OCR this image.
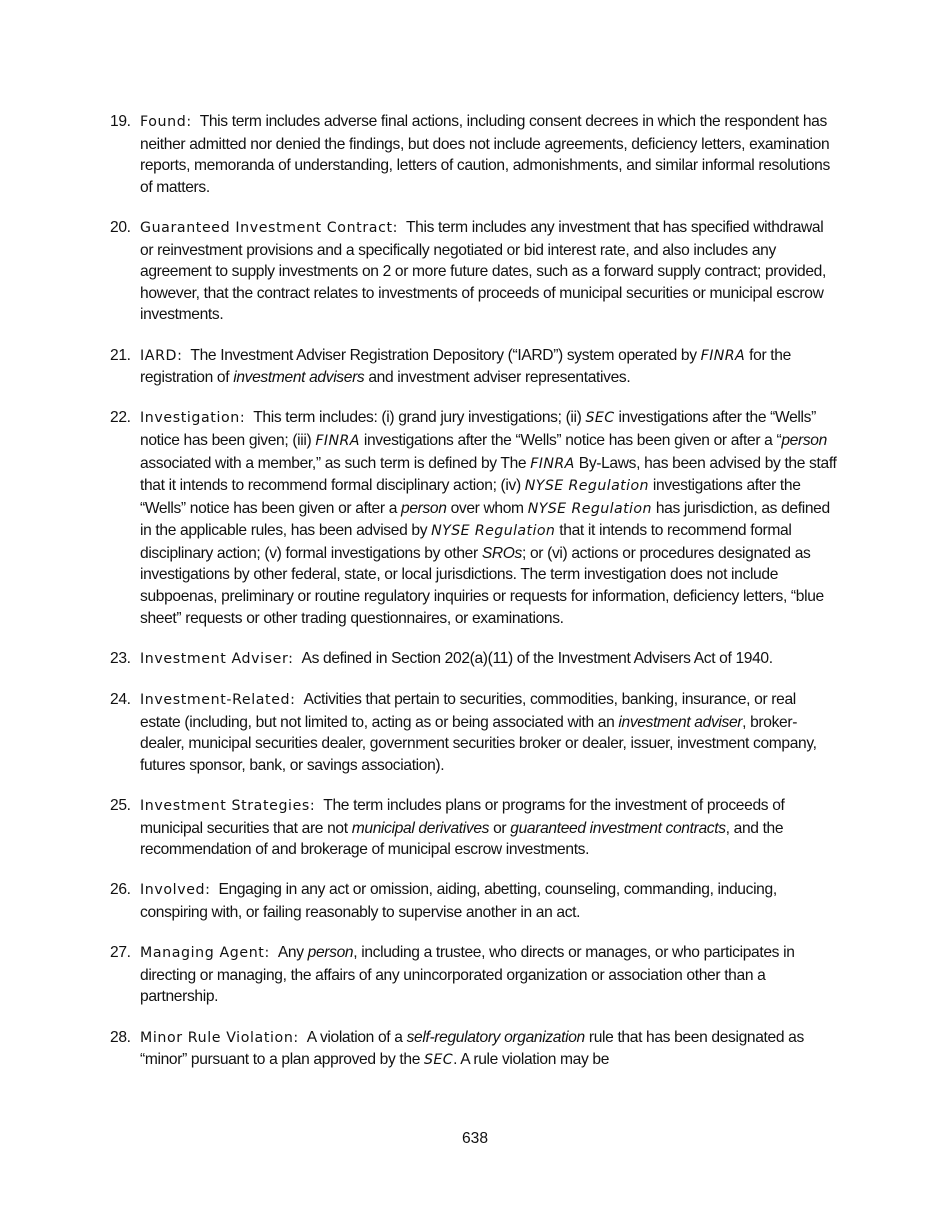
19. Found: This term includes adverse final actions, including consent decrees in which the respondent has neither admitted nor denied the findings, but does not include agreements, deficiency letters, examination reports, memoranda of understanding, letters of caution, admonishments, and similar informal resolutions of matters.
20. Guaranteed Investment Contract: This term includes any investment that has specified withdrawal or reinvestment provisions and a specifically negotiated or bid interest rate, and also includes any agreement to supply investments on 2 or more future dates, such as a forward supply contract; provided, however, that the contract relates to investments of proceeds of municipal securities or municipal escrow investments.
21. IARD: The Investment Adviser Registration Depository (“IARD”) system operated by FINRA for the registration of investment advisers and investment adviser representatives.
22. Investigation: This term includes: (i) grand jury investigations; (ii) SEC investigations after the “Wells” notice has been given; (iii) FINRA investigations after the “Wells” notice has been given or after a “person associated with a member,” as such term is defined by The FINRA By-Laws, has been advised by the staff that it intends to recommend formal disciplinary action; (iv) NYSE Regulation investigations after the “Wells” notice has been given or after a person over whom NYSE Regulation has jurisdiction, as defined in the applicable rules, has been advised by NYSE Regulation that it intends to recommend formal disciplinary action; (v) formal investigations by other SROs; or (vi) actions or procedures designated as investigations by other federal, state, or local jurisdictions. The term investigation does not include subpoenas, preliminary or routine regulatory inquiries or requests for information, deficiency letters, “blue sheet” requests or other trading questionnaires, or examinations.
23. Investment Adviser: As defined in Section 202(a)(11) of the Investment Advisers Act of 1940.
24. Investment-Related: Activities that pertain to securities, commodities, banking, insurance, or real estate (including, but not limited to, acting as or being associated with an investment adviser, broker-dealer, municipal securities dealer, government securities broker or dealer, issuer, investment company, futures sponsor, bank, or savings association).
25. Investment Strategies: The term includes plans or programs for the investment of proceeds of municipal securities that are not municipal derivatives or guaranteed investment contracts, and the recommendation of and brokerage of municipal escrow investments.
26. Involved: Engaging in any act or omission, aiding, abetting, counseling, commanding, inducing, conspiring with, or failing reasonably to supervise another in an act.
27. Managing Agent: Any person, including a trustee, who directs or manages, or who participates in directing or managing, the affairs of any unincorporated organization or association other than a partnership.
28. Minor Rule Violation: A violation of a self-regulatory organization rule that has been designated as “minor” pursuant to a plan approved by the SEC. A rule violation may be
638
